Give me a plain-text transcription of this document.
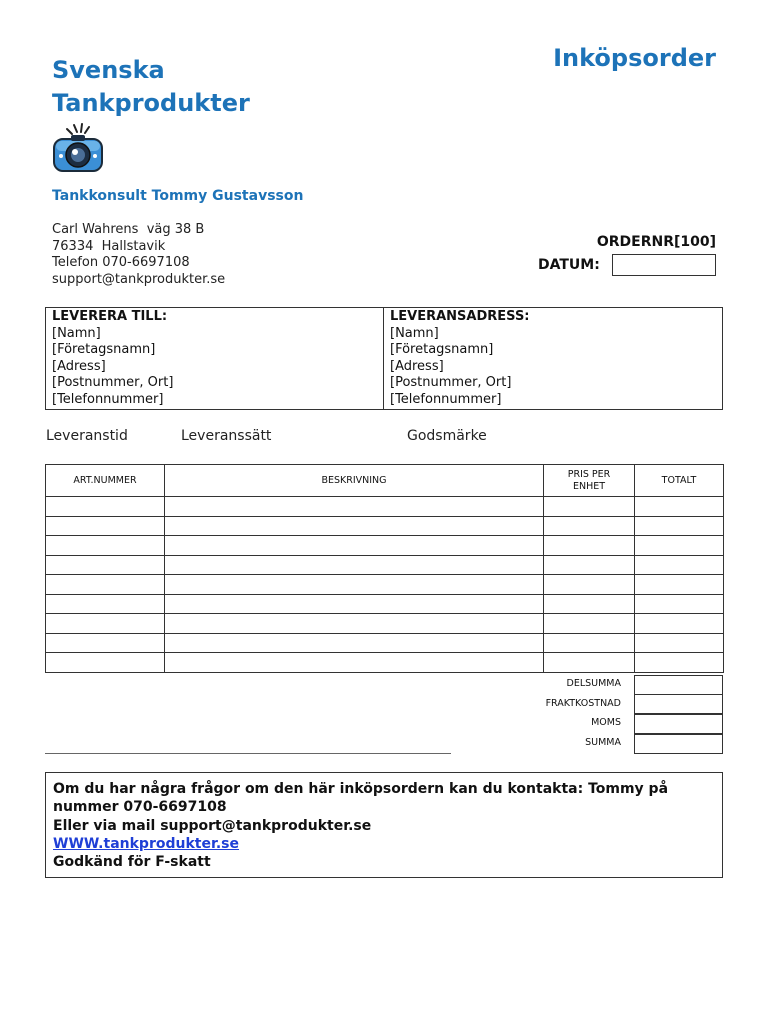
Svenska
Tankprodukter
Inköpsorder
Tankkonsult Tommy Gustavsson
Carl Wahrens  väg 38 B
76334  Hallstavik
Telefon 070-6697108
support@tankprodukter.se
ORDERNR[100]
DATUM:
LEVERERA TILL:
[Namn]
[Företagsnamn]
[Adress]
[Postnummer, Ort]
[Telefonnummer]
LEVERANSADRESS:
[Namn]
[Företagsnamn]
[Adress]
[Postnummer, Ort]
[Telefonnummer]
Leveranstid	Leveranssätt	Godsmärke
ART.NUMMER	BESKRIVNING	PRIS PER ENHET	TOTALT

DELSUMMA
FRAKTKOSTNAD
MOMS
SUMMA
Om du har några frågor om den här inköpsordern kan du kontakta: Tommy på nummer 070-6697108
Eller via mail support@tankprodukter.se
WWW.tankprodukter.se
Godkänd för F-skatt
